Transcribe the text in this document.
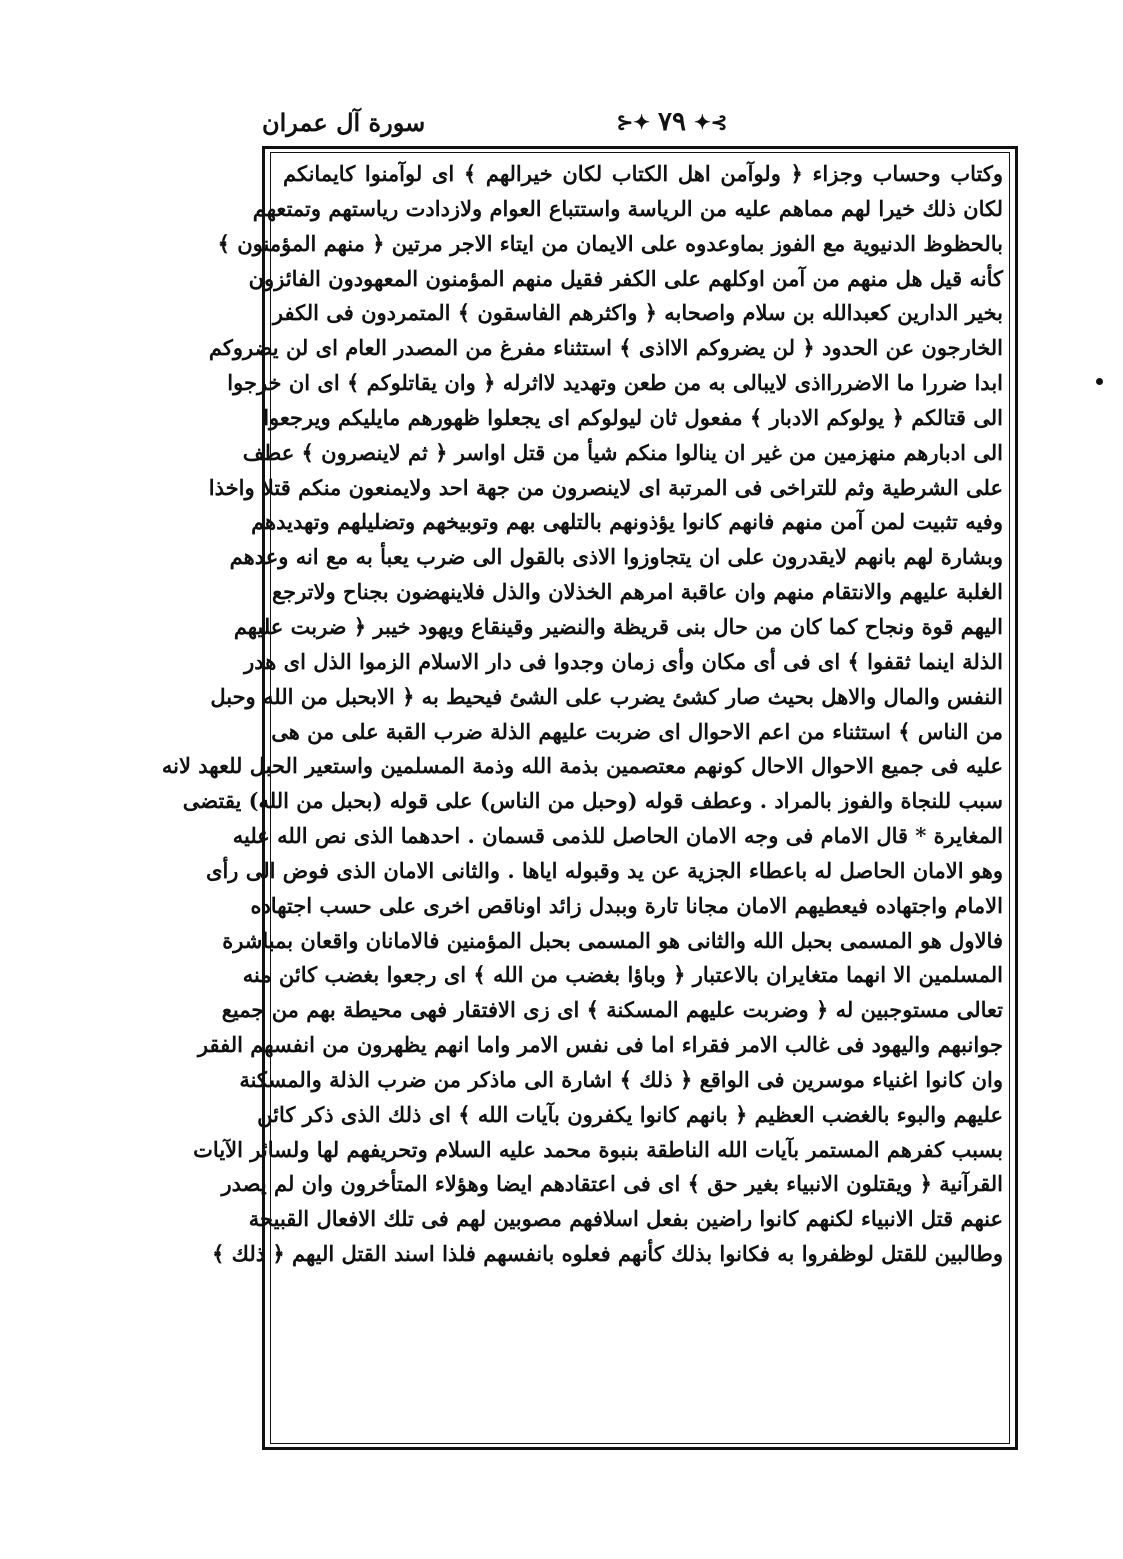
سورة آل عمران	⊱✦ ٧٩ ✦⊰
وكتاب وحساب وجزاء ﴿ ولوآمن اهل الكتاب لكان خيرالهم ﴾ اى لوآمنوا كايمانكم
لكان ذلك خيرا لهم مماهم عليه من الرياسة واستتباع العوام ولازدادت رياستهم وتمتعهم
بالحظوظ الدنيوية مع الفوز بماوعدوه على الايمان من ايتاء الاجر مرتين ﴿ منهم المؤمنون ﴾
كأنه قيل هل منهم من آمن اوكلهم على الكفر فقيل منهم المؤمنون المعهودون الفائزون
بخير الدارين كعبدالله بن سلام واصحابه ﴿ واكثرهم الفاسقون ﴾ المتمردون فى الكفر
الخارجون عن الحدود ﴿ لن يضروكم الااذى ﴾ استثناء مفرغ من المصدر العام اى لن يضروكم
ابدا ضررا ما الاضررااذى لايبالى به من طعن وتهديد لااثرله ﴿ وان يقاتلوكم ﴾ اى ان خرجوا
الى قتالكم ﴿ يولوكم الادبار ﴾ مفعول ثان ليولوكم اى يجعلوا ظهورهم مايليكم ويرجعوا
الى ادبارهم منهزمين من غير ان ينالوا منكم شيأ من قتل اواسر ﴿ ثم لاينصرون ﴾ عطف
على الشرطية وثم للتراخى فى المرتبة اى لاينصرون من جهة احد ولايمنعون منكم قتلا واخذا
وفيه تثبيت لمن آمن منهم فانهم كانوا يؤذونهم بالتلهى بهم وتوبيخهم وتضليلهم وتهديدهم
وبشارة لهم بانهم لايقدرون على ان يتجاوزوا الاذى بالقول الى ضرب يعبأ به مع انه وعدهم
الغلبة عليهم والانتقام منهم وان عاقبة امرهم الخذلان والذل فلاينهضون بجناح ولاترجع
اليهم قوة ونجاح كما كان من حال بنى قريظة والنضير وقينقاع ويهود خيبر ﴿ ضربت عليهم
الذلة اينما ثقفوا ﴾ اى فى أى مكان وأى زمان وجدوا فى دار الاسلام الزموا الذل اى هدر
النفس والمال والاهل بحيث صار كشئ يضرب على الشئ فيحيط به ﴿ الابحبل من الله وحبل
من الناس ﴾ استثناء من اعم الاحوال اى ضربت عليهم الذلة ضرب القبة على من هى
عليه فى جميع الاحوال الاحال كونهم معتصمين بذمة الله وذمة المسلمين واستعير الحبل للعهد لانه
سبب للنجاة والفوز بالمراد . وعطف قوله (وحبل من الناس) على قوله (بحبل من الله) يقتضى
المغايرة * قال الامام فى وجه الامان الحاصل للذمى قسمان . احدهما الذى نص الله عليه
وهو الامان الحاصل له باعطاء الجزية عن يد وقبوله اياها . والثانى الامان الذى فوض الى رأى
الامام واجتهاده فيعطيهم الامان مجانا تارة وببدل زائد اوناقص اخرى على حسب اجتهاده
فالاول هو المسمى بحبل الله والثانى هو المسمى بحبل المؤمنين فالامانان واقعان بمباشرة
المسلمين الا انهما متغايران بالاعتبار ﴿ وباؤا بغضب من الله ﴾ اى رجعوا بغضب كائن منه
تعالى مستوجبين له ﴿ وضربت عليهم المسكنة ﴾ اى زى الافتقار فهى محيطة بهم من جميع
جوانبهم واليهود فى غالب الامر فقراء اما فى نفس الامر واما انهم يظهرون من انفسهم الفقر
وان كانوا اغنياء موسرين فى الواقع ﴿ ذلك ﴾ اشارة الى ماذكر من ضرب الذلة والمسكنة
عليهم والبوء بالغضب العظيم ﴿ بانهم كانوا يكفرون بآيات الله ﴾ اى ذلك الذى ذكر كائن
بسبب كفرهم المستمر بآيات الله الناطقة بنبوة محمد عليه السلام وتحريفهم لها ولسائر الآيات
القرآنية ﴿ ويقتلون الانبياء بغير حق ﴾ اى فى اعتقادهم ايضا وهؤلاء المتأخرون وان لم يصدر
عنهم قتل الانبياء لكنهم كانوا راضين بفعل اسلافهم مصوبين لهم فى تلك الافعال القبيحة
وطالبين للقتل لوظفروا به فكانوا بذلك كأنهم فعلوه بانفسهم فلذا اسند القتل اليهم ﴿ ذلك ﴾
